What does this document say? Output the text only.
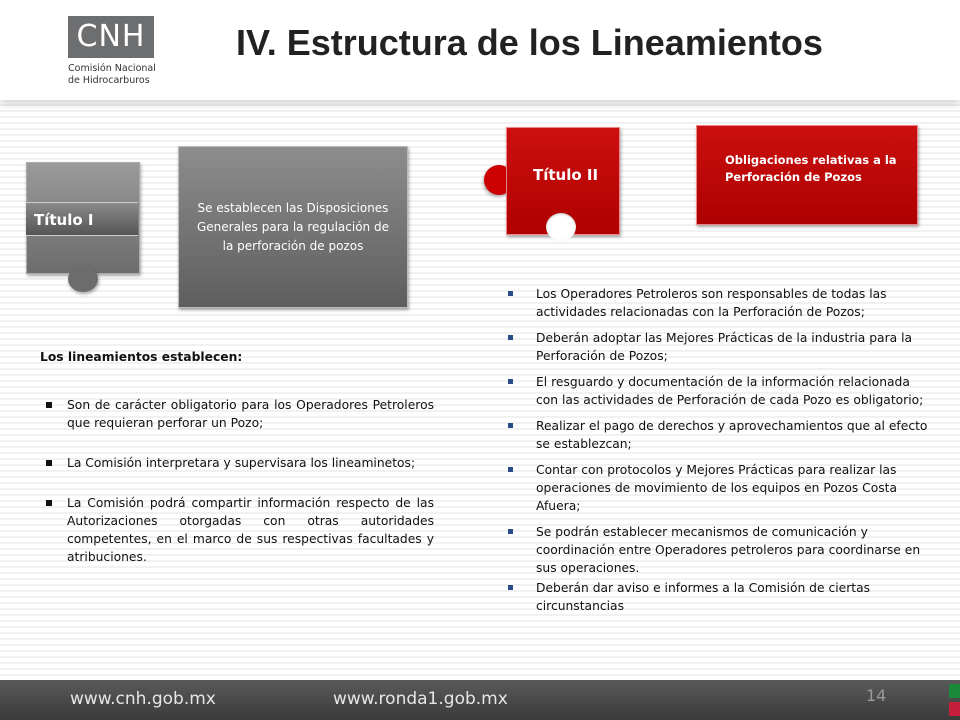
CNH
Comisión Nacional
de Hidrocarburos
IV. Estructura de los Lineamientos
Título I
Se establecen las Disposiciones Generales para la regulación de la perforación de pozos
Título II
Obligaciones relativas a la Perforación de Pozos
Los lineamientos establecen:
Son de carácter obligatorio para los Operadores Petroleros que requieran perforar un Pozo;
La Comisión interpretara y supervisara los lineaminetos;
La Comisión podrá compartir información respecto de las Autorizaciones otorgadas con otras autoridades competentes, en el marco de sus respectivas facultades y atribuciones.
Los Operadores Petroleros son responsables de todas las actividades relacionadas con la Perforación de Pozos;
Deberán adoptar las Mejores Prácticas de la industria para la Perforación de Pozos;
El resguardo y documentación de la información relacionada con las actividades de Perforación de cada Pozo es obligatorio;
Realizar el pago de derechos y aprovechamientos que al efecto se establezcan;
Contar con protocolos y Mejores Prácticas para realizar las operaciones de movimiento de los equipos en Pozos Costa Afuera;
Se podrán establecer mecanismos de comunicación y coordinación entre Operadores petroleros para coordinarse en sus operaciones.
Deberán dar aviso e informes a la Comisión de ciertas circunstancias
www.cnh.gob.mx	www.ronda1.gob.mx	14
